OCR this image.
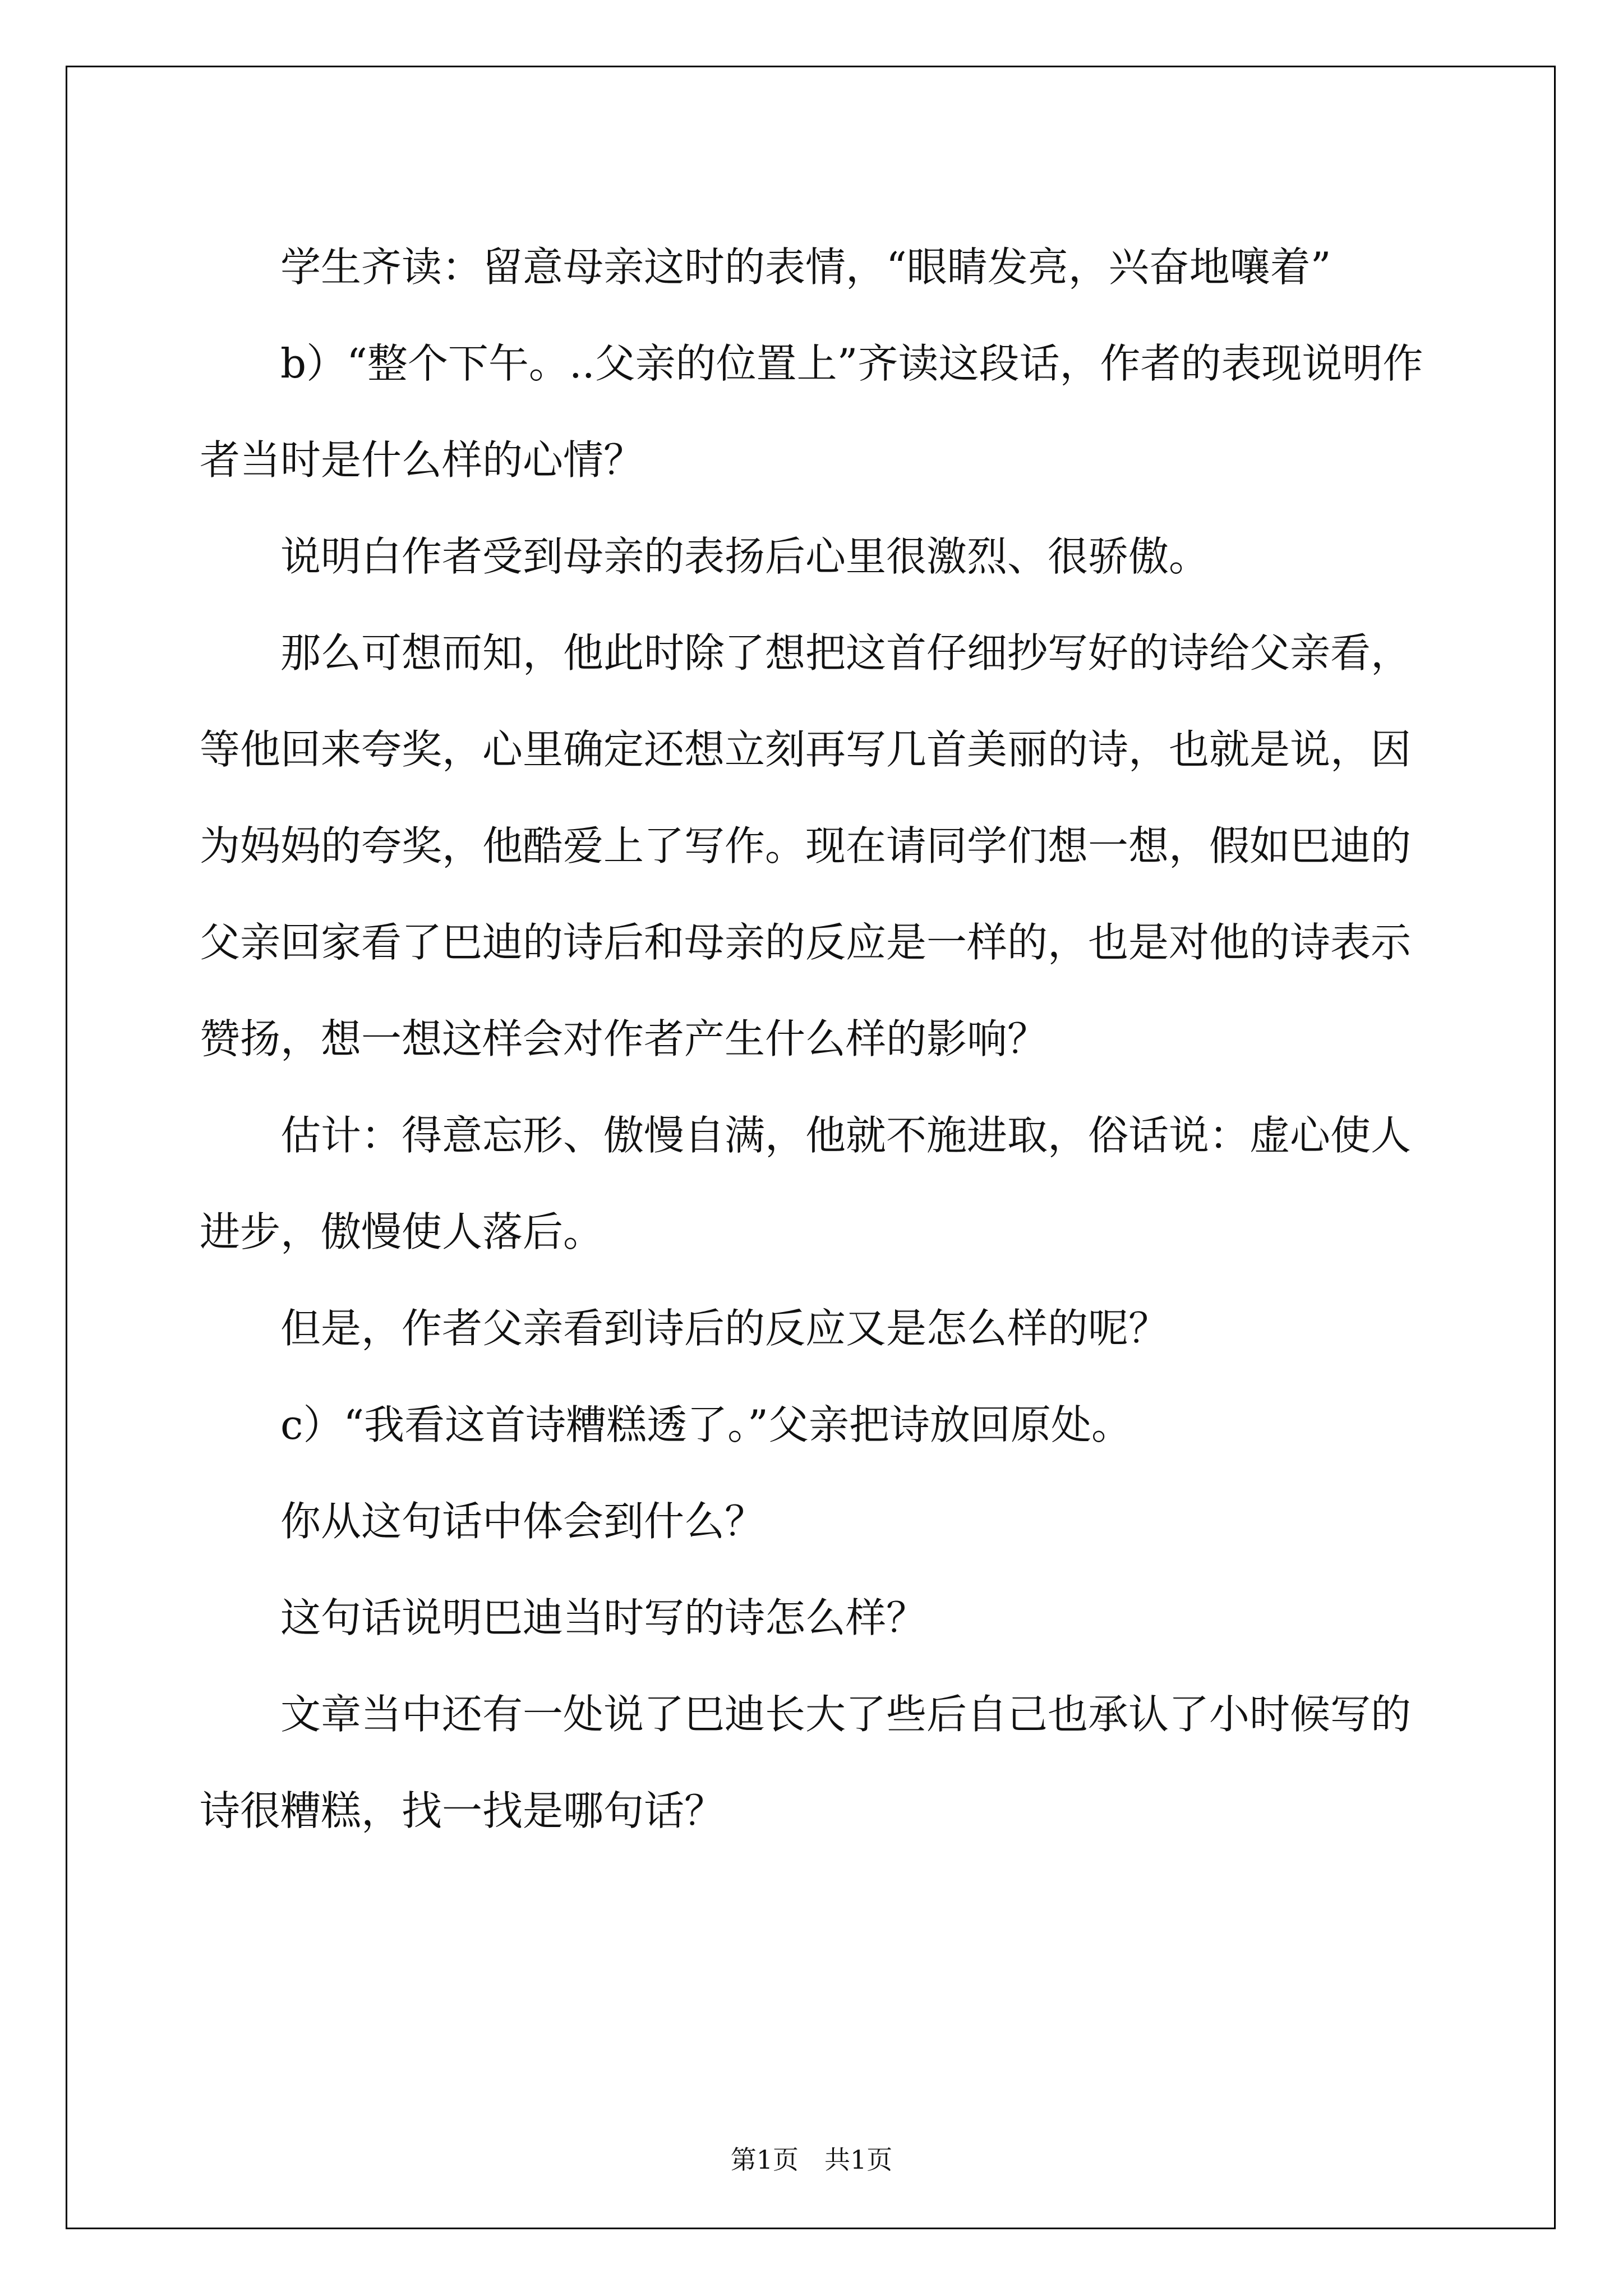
学生齐读：留意母亲这时的表情，“眼睛发亮，兴奋地嚷着”

b）“整个下午。..父亲的位置上”齐读这段话，作者的表现说明作者当时是什么样的心情？

说明白作者受到母亲的表扬后心里很激烈、很骄傲。

那么可想而知，他此时除了想把这首仔细抄写好的诗给父亲看，等他回来夸奖，心里确定还想立刻再写几首美丽的诗，也就是说，因为妈妈的夸奖，他酷爱上了写作。现在请同学们想一想，假如巴迪的父亲回家看了巴迪的诗后和母亲的反应是一样的，也是对他的诗表示赞扬，想一想这样会对作者产生什么样的影响？

估计：得意忘形、傲慢自满，他就不施进取，俗话说：虚心使人进步，傲慢使人落后。

但是，作者父亲看到诗后的反应又是怎么样的呢？

c）“我看这首诗糟糕透了。”父亲把诗放回原处。

你从这句话中体会到什么？

这句话说明巴迪当时写的诗怎么样？

文章当中还有一处说了巴迪长大了些后自己也承认了小时候写的诗很糟糕，找一找是哪句话？

第1页　共1页
